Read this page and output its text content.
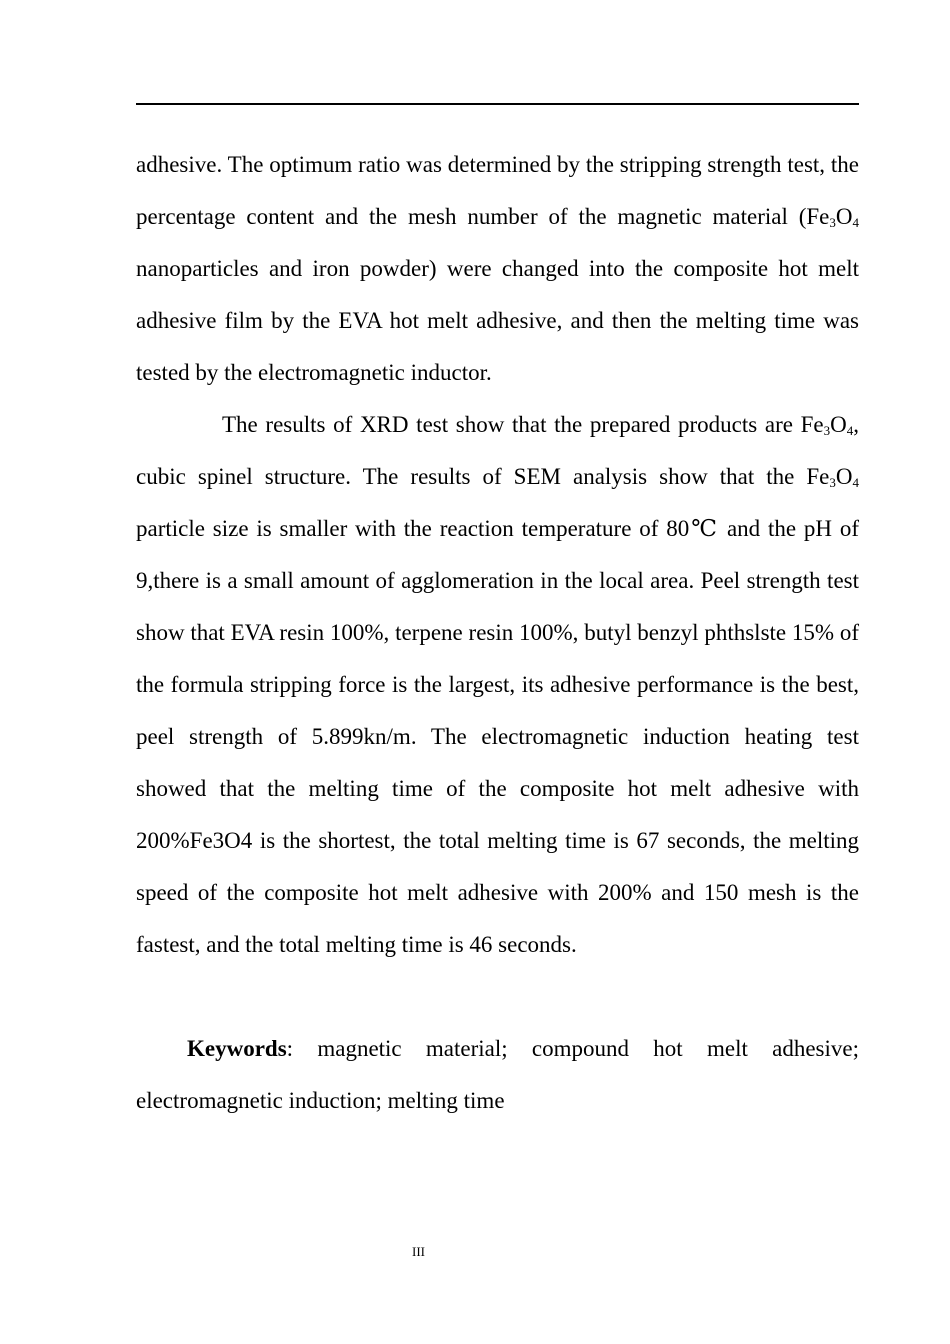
adhesive. The optimum ratio was determined by the stripping strength test, the percentage content and the mesh number of the magnetic material ($Fe_3O_4$ nanoparticles and iron powder) were changed into the composite hot melt adhesive film by the EVA hot melt adhesive, and then the melting time was tested by the electromagnetic inductor.

The results of XRD test show that the prepared products are $Fe_3O_4$, cubic spinel structure. The results of SEM analysis show that the $Fe_3O_4$ particle size is smaller with the reaction temperature of 80℃ and the pH of 9,there is a small amount of agglomeration in the local area. Peel strength test show that EVA resin 100%, terpene resin 100%, butyl benzyl phthslste 15% of the formula stripping force is the largest, its adhesive performance is the best, peel strength of 5.899kn/m. The electromagnetic induction heating test showed that the melting time of the composite hot melt adhesive with 200%Fe3O4 is the shortest, the total melting time is 67 seconds, the melting speed of the composite hot melt adhesive with 200% and 150 mesh is the fastest, and the total melting time is 46 seconds.

Keywords: magnetic material; compound hot melt adhesive; electromagnetic induction; melting time

III
